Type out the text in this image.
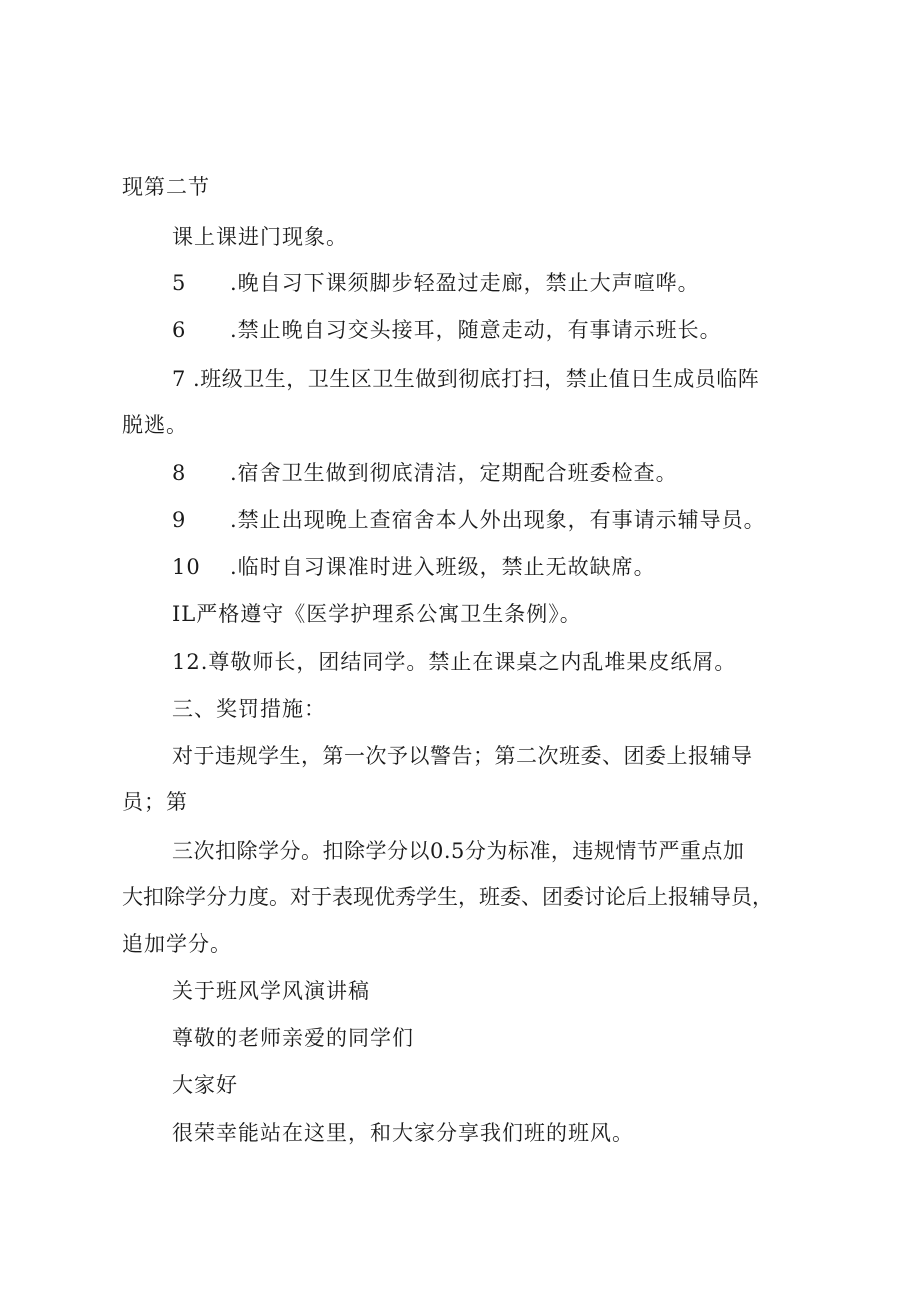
现第二节
课上课进门现象。
5 .晚自习下课须脚步轻盈过走廊，禁止大声喧哗。
6 .禁止晚自习交头接耳，随意走动，有事请示班长。
7 .班级卫生，卫生区卫生做到彻底打扫，禁止值日生成员临阵
脱逃。
8 .宿舍卫生做到彻底清洁，定期配合班委检查。
9 .禁止出现晚上查宿舍本人外出现象，有事请示辅导员。
10 .临时自习课准时进入班级，禁止无故缺席。
IL严格遵守《医学护理系公寓卫生条例》。
12.尊敬师长，团结同学。禁止在课桌之内乱堆果皮纸屑。
三、奖罚措施：
对于违规学生，第一次予以警告；第二次班委、团委上报辅导
员；第
三次扣除学分。扣除学分以0.5分为标准，违规情节严重点加
大扣除学分力度。对于表现优秀学生，班委、团委讨论后上报辅导员，
追加学分。
关于班风学风演讲稿
尊敬的老师亲爱的同学们
大家好
很荣幸能站在这里，和大家分享我们班的班风。
